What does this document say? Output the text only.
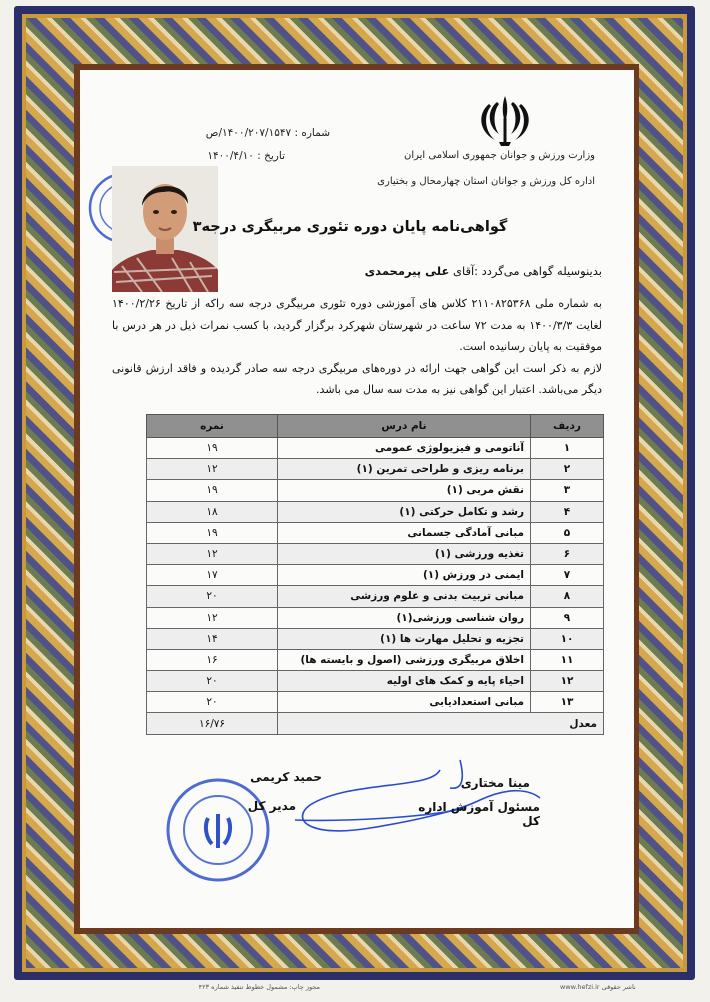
وزارت ورزش و جوانان جمهوری اسلامی ایران
اداره کل ورزش و جوانان استان چهارمحال و بختیاری
شماره : ۱۴۰۰/۲۰۷/۱۵۴۷/ص
تاریخ : ۱۴۰۰/۴/۱۰
گواهی‌نامه پایان دوره تئوری مربیگری درجه۳
بدینوسیله گواهی می‌گردد :آقای علی پیرمحمدی
به شماره ملی ۲۱۱۰۸۲۵۳۶۸ کلاس های آموزشی دوره تئوری مربیگری درجه سه راکه از تاریخ ۱۴۰۰/۲/۲۶ لغایت ۱۴۰۰/۳/۳ به مدت ۷۲ ساعت در شهرستان شهرکرد برگزار گردید، با کسب نمرات ذیل در هر درس با موفقیت به پایان رسانیده است.
لازم به ذکر است این گواهی جهت ارائه در دوره‌های مربیگری درجه سه صادر گردیده و فاقد ارزش قانونی دیگر می‌باشد. اعتبار این گواهی نیز به مدت سه سال می باشد.
ردیف	نام درس	نمره
۱	آناتومی و فیزیولوژی عمومی	۱۹
۲	برنامه ریزی و طراحی تمرین (۱)	۱۲
۳	نقش مربی (۱)	۱۹
۴	رشد و تکامل حرکتی (۱)	۱۸
۵	مبانی آمادگی جسمانی	۱۹
۶	تغذیه ورزشی (۱)	۱۲
۷	ایمنی در ورزش (۱)	۱۷
۸	مبانی تربیت بدنی و علوم ورزشی	۲۰
۹	روان شناسی ورزشی(۱)	۱۲
۱۰	تجزیه و تحلیل مهارت ها (۱)	۱۴
۱۱	اخلاق مربیگری ورزشی (اصول و بایسته ها)	۱۶
۱۲	احیاء پایه و کمک های اولیه	۲۰
۱۳	مبانی استعدادیابی	۲۰
معدل		۱۶/۷۶
مینا مختاری
مسئول آموزش اداره کل
حمید کریمی
مدیر کل
مجوز چاپ: مشمول خطوط تنفیذ شماره ۴۲۳	www.hefzi.ir ناشر حقوقی
